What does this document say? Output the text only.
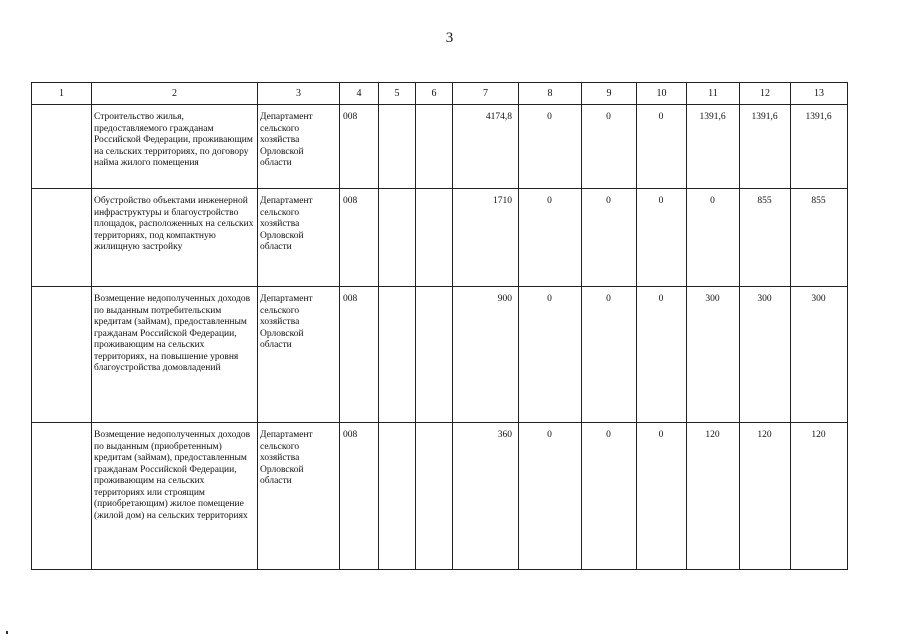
3
1	2	3	4	5	6	7	8	9	10	11	12	13
	Строительство жилья, предоставляемого гражданам Российской Федерации, проживающим на сельских территориях, по договору найма жилого помещения	Департамент сельского хозяйства Орловской области	008			4174,8	0	0	0	1391,6	1391,6	1391,6
	Обустройство объектами инженерной инфраструктуры и благоустройство площадок, расположенных на сельских территориях, под компактную жилищную застройку	Департамент сельского хозяйства Орловской области	008			1710	0	0	0	0	855	855
	Возмещение недополученных доходов по выданным потребительским кредитам (займам), предоставленным гражданам Российской Федерации, проживающим на сельских территориях, на повышение уровня благоустройства домовладений	Департамент сельского хозяйства Орловской области	008			900	0	0	0	300	300	300
	Возмещение недополученных доходов по выданным (приобретенным) кредитам (займам), предоставленным гражданам Российской Федерации, проживающим на сельских территориях или строящим (приобретающим) жилое помещение (жилой дом) на сельских территориях	Департамент сельского хозяйства Орловской области	008			360	0	0	0	120	120	120
